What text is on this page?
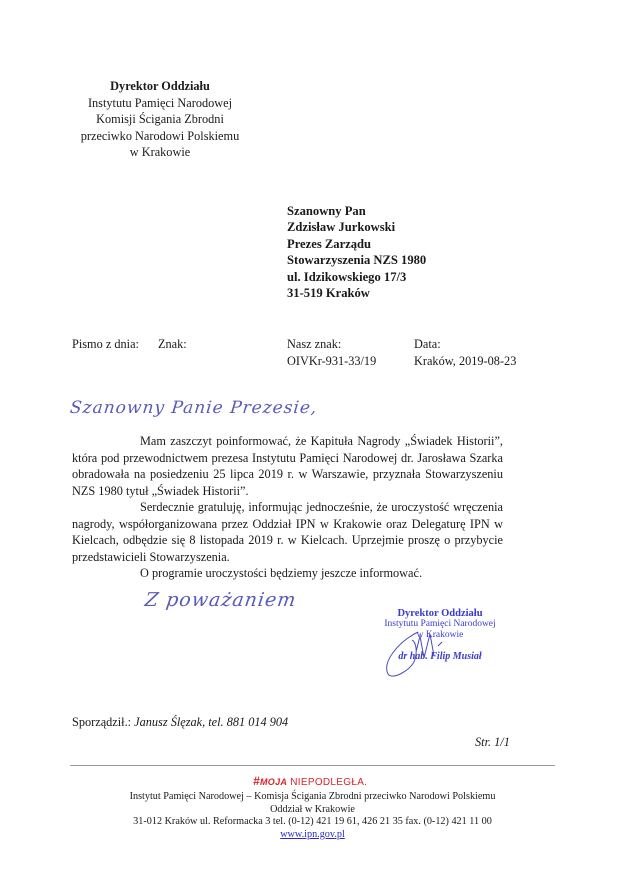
Dyrektor Oddziału
Instytutu Pamięci Narodowej
Komisji Ścigania Zbrodni
przeciwko Narodowi Polskiemu
w Krakowie
Szanowny Pan
Zdzisław Jurkowski
Prezes Zarządu
Stowarzyszenia NZS 1980
ul. Idzikowskiego 17/3
31-519 Kraków
Pismo z dnia: Znak:	Nasz znak:
OIVKr-931-33/19
Data:
Kraków, 2019-08-23
Szanowny Panie Prezesie,

Mam zaszczyt poinformować, że Kapituła Nagrody „Świadek Historii”, która pod przewodnictwem prezesa Instytutu Pamięci Narodowej dr. Jarosława Szarka obradowała na posiedzeniu 25 lipca 2019 r. w Warszawie, przyznała Stowarzyszeniu NZS 1980 tytuł „Świadek Historii”.

Serdecznie gratuluję, informując jednocześnie, że uroczystość wręczenia nagrody, współorganizowana przez Oddział IPN w Krakowie oraz Delegaturę IPN w Kielcach, odbędzie się 8 listopada 2019 r. w Kielcach. Uprzejmie proszę o przybycie przedstawicieli Stowarzyszenia.

O programie uroczystości będziemy jeszcze informować.

Z poważaniem
Dyrektor Oddziału
Instytutu Pamięci Narodowej
w Krakowie
dr hab. Filip Musiał
Sporządził.: Janusz Ślęzak, tel. 881 014 904
Str. 1/1
#MOJA NIEPODLEGŁA.
Instytut Pamięci Narodowej – Komisja Ścigania Zbrodni przeciwko Narodowi Polskiemu
Oddział w Krakowie
31-012 Kraków ul. Reformacka 3 tel. (0-12) 421 19 61, 426 21 35 fax. (0-12) 421 11 00
www.ipn.gov.pl
